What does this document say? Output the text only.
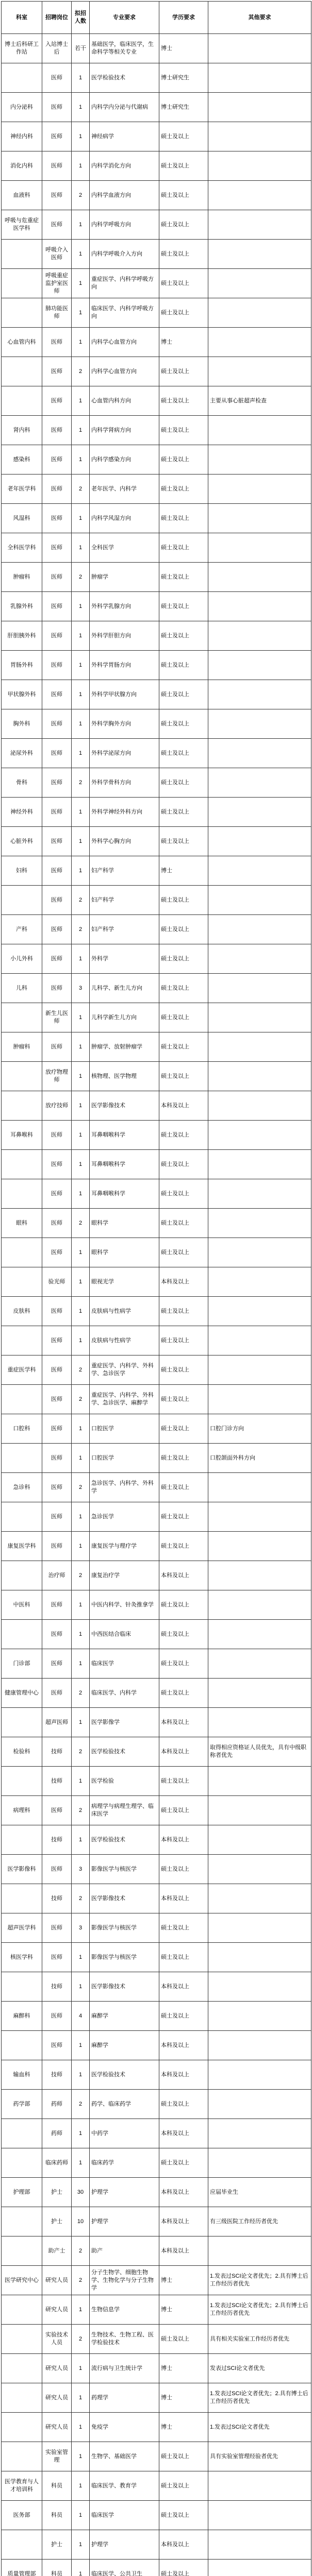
科室	招聘岗位	拟招人数	专业要求	学历要求	其他要求
博士后科研工作站	入站博士后	若干	基础医学，临床医学，生命科学等相关专业	博士	
	医师	1	医学检验技术	博士研究生	
内分泌科	医师	1	内科学内分泌与代谢病	博士研究生	
神经内科	医师	1	神经病学	硕士及以上	
消化内科	医师	1	内科学消化方向	硕士及以上	
血液科	医师	2	内科学血液方向	硕士及以上	
呼吸与危重症医学科	医师	1	内科学呼吸方向	硕士及以上	
	呼吸介入医师	1	内科学呼吸介入方向	硕士及以上	
	呼吸重症监护室医师	1	重症医学、内科学呼吸方向	硕士及以上	
	肺功能医师	1	临床医学、内科学呼吸方向	硕士及以上	
心血管内科	医师	1	内科学心血管方向	博士	
	医师	2	内科学心血管方向	硕士及以上	
	医师	1	心血管内科方向	硕士及以上	主要从事心脏超声检查
肾内科	医师	1	内科学肾病方向	硕士及以上	
感染科	医师	1	内科学感染方向	硕士及以上	
老年医学科	医师	2	老年医学、内科学	硕士及以上	
风湿科	医师	1	内科学风湿方向	硕士及以上	
全科医学科	医师	1	全科医学	硕士及以上	
肿瘤科	医师	2	肿瘤学	硕士及以上	
乳腺外科	医师	1	外科学乳腺方向	硕士及以上	
肝胆胰外科	医师	1	外科学肝胆方向	硕士及以上	
胃肠外科	医师	1	外科学胃肠方向	硕士及以上	
甲状腺外科	医师	1	外科学甲状腺方向	硕士及以上	
胸外科	医师	1	外科学胸外方向	硕士及以上	
泌尿外科	医师	1	外科学泌尿方向	硕士及以上	
骨科	医师	2	外科学骨科方向	硕士及以上	
神经外科	医师	1	外科学神经外科方向	硕士及以上	
心脏外科	医师	1	外科学心胸方向	硕士及以上	
妇科	医师	1	妇产科学	博士	
	医师	2	妇产科学	硕士及以上	
产科	医师	2	妇产科学	硕士及以上	
小儿外科	医师	1	外科学	硕士及以上	
儿科	医师	3	儿科学、新生儿方向	硕士及以上	
	新生儿医师	1	儿科学新生儿方向	硕士及以上	
肿瘤科	医师	1	肿瘤学、放射肿瘤学	硕士及以上	
	放疗物理师	1	核物理、医学物理	硕士及以上	
	放疗技师	1	医学影像技术	本科及以上	
耳鼻喉科	医师	1	耳鼻咽喉科学	硕士及以上	
	医师	1	耳鼻咽喉科学	硕士及以上	
	医师	1	耳鼻咽喉科学	硕士及以上	
眼科	医师	2	眼科学	硕士及以上	
	医师	1	眼科学	硕士及以上	
	验光师	1	眼视光学	本科及以上	
皮肤科	医师	1	皮肤病与性病学	硕士及以上	
	医师	1	皮肤病与性病学	硕士及以上	
重症医学科	医师	2	重症医学、内科学、外科学、急诊医学	硕士及以上	
	医师	2	重症医学、内科学、外科学、急诊医学、麻醉学	硕士及以上	
口腔科	医师	1	口腔医学	硕士及以上	口腔门诊方向
	医师	1	口腔医学	硕士及以上	口腔颌面外科方向
急诊科	医师	2	急诊医学、内科学、外科学	硕士及以上	
	医师	1	急诊医学	硕士及以上	
康复医学科	医师	1	康复医学与理疗学	硕士及以上	
	治疗师	2	康复治疗学	本科及以上	
中医科	医师	1	中医内科学、针灸推拿学	硕士及以上	
	医师	1	中西医结合临床	硕士及以上	
门诊部	医师	1	临床医学	硕士及以上	
健康管理中心	医师	2	临床医学、内科学	硕士及以上	
	超声医师	1	医学影像学	本科及以上	
检验科	技师	2	医学检验技术	本科及以上	取得相应资格证人员优先，具有中级职称者优先
	技师	1	医学检验	硕士及以上	
病理科	医师	2	病理学与病理生理学、临床医学	硕士及以上	
	技师	1	医学检验技术	本科及以上	
医学影像科	医师	3	影像医学与核医学	硕士及以上	
	技师	2	医学影像技术	本科及以上	
超声医学科	医师	3	影像医学与核医学	硕士及以上	
核医学科	医师	1	影像医学与核医学	硕士及以上	
	技师	1	医学影像技术	本科及以上	
麻醉科	医师	4	麻醉学	硕士及以上	
	医师	1	麻醉学	本科及以上	
输血科	技师	1	医学检验技术	本科及以上	
药学部	药师	2	药学、临床药学	硕士及以上	
	药师	1	中药学	本科及以上	
	临床药师	1	临床药学	硕士及以上	
护理部	护士	30	护理学	本科及以上	应届毕业生
	护士	10	护理学	本科及以上	有三级医院工作经历者优先
	助产士	2	助产	本科及以上	
医学研究中心	研究人员	2	分子生物学、细胞生物学、生物化学与分子生物学	博士	1.发表过SCI论文者优先；2.具有博士后工作经历者优先
	研究人员	1	生物信息学	博士	1.发表过SCI论文者优先；2.具有博士后工作经历者优先
	实验技术人员	2	生物技术、生物工程、医学检验技术	硕士及以上	具有相关实验室工作经历者优先
	研究人员	1	流行病与卫生统计学	博士	发表过SCI论文者优先
	研究人员	1	药理学	博士	1.发表过SCI论文者优先；2.具有博士后工作经历者优先
	研究人员	1	免疫学	博士	1.发表过SCI论文者优先
	实验室管理	1	生物学、基础医学	硕士及以上	具有实验室管理经验者优先
医学教育与人才培训科	科员	1	临床医学、教育学	硕士及以上	
医务部	科员	1	临床医学	硕士及以上	
	护士	1	护理学	本科及以上	
质量管理部	科员	1	临床医学、公共卫生	硕士及以上	
